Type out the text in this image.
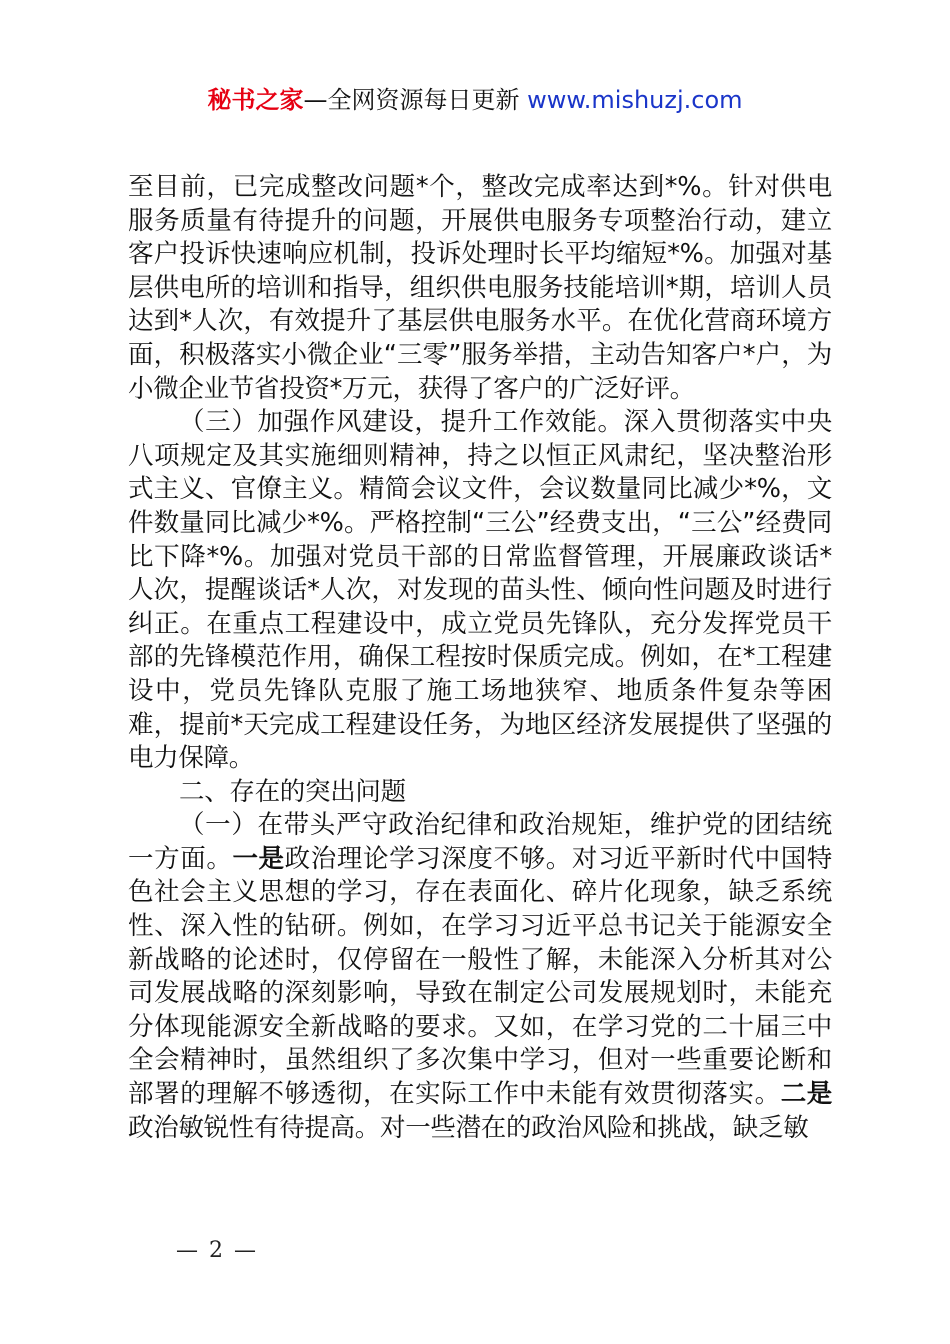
秘书之家—全网资源每日更新 www.mishuzj.com

至目前，已完成整改问题*个，整改完成率达到*%。针对供电服务质量有待提升的问题，开展供电服务专项整治行动，建立客户投诉快速响应机制，投诉处理时长平均缩短*%。加强对基层供电所的培训和指导，组织供电服务技能培训*期，培训人员达到*人次，有效提升了基层供电服务水平。在优化营商环境方面，积极落实小微企业“三零”服务举措，主动告知客户*户，为小微企业节省投资*万元，获得了客户的广泛好评。

（三）加强作风建设，提升工作效能。深入贯彻落实中央八项规定及其实施细则精神，持之以恒正风肃纪，坚决整治形式主义、官僚主义。精简会议文件，会议数量同比减少*%，文件数量同比减少*%。严格控制“三公”经费支出，“三公”经费同比下降*%。加强对党员干部的日常监督管理，开展廉政谈话*人次，提醒谈话*人次，对发现的苗头性、倾向性问题及时进行纠正。在重点工程建设中，成立党员先锋队，充分发挥党员干部的先锋模范作用，确保工程按时保质完成。例如，在*工程建设中，党员先锋队克服了施工场地狭窄、地质条件复杂等困难，提前*天完成工程建设任务，为地区经济发展提供了坚强的电力保障。

二、存在的突出问题

（一）在带头严守政治纪律和政治规矩，维护党的团结统一方面。一是政治理论学习深度不够。对习近平新时代中国特色社会主义思想的学习，存在表面化、碎片化现象，缺乏系统性、深入性的钻研。例如，在学习习近平总书记关于能源安全新战略的论述时，仅停留在一般性了解，未能深入分析其对公司发展战略的深刻影响，导致在制定公司发展规划时，未能充分体现能源安全新战略的要求。又如，在学习党的二十届三中全会精神时，虽然组织了多次集中学习，但对一些重要论断和部署的理解不够透彻，在实际工作中未能有效贯彻落实。二是政治敏锐性有待提高。对一些潜在的政治风险和挑战，缺乏敏

— 2 —
